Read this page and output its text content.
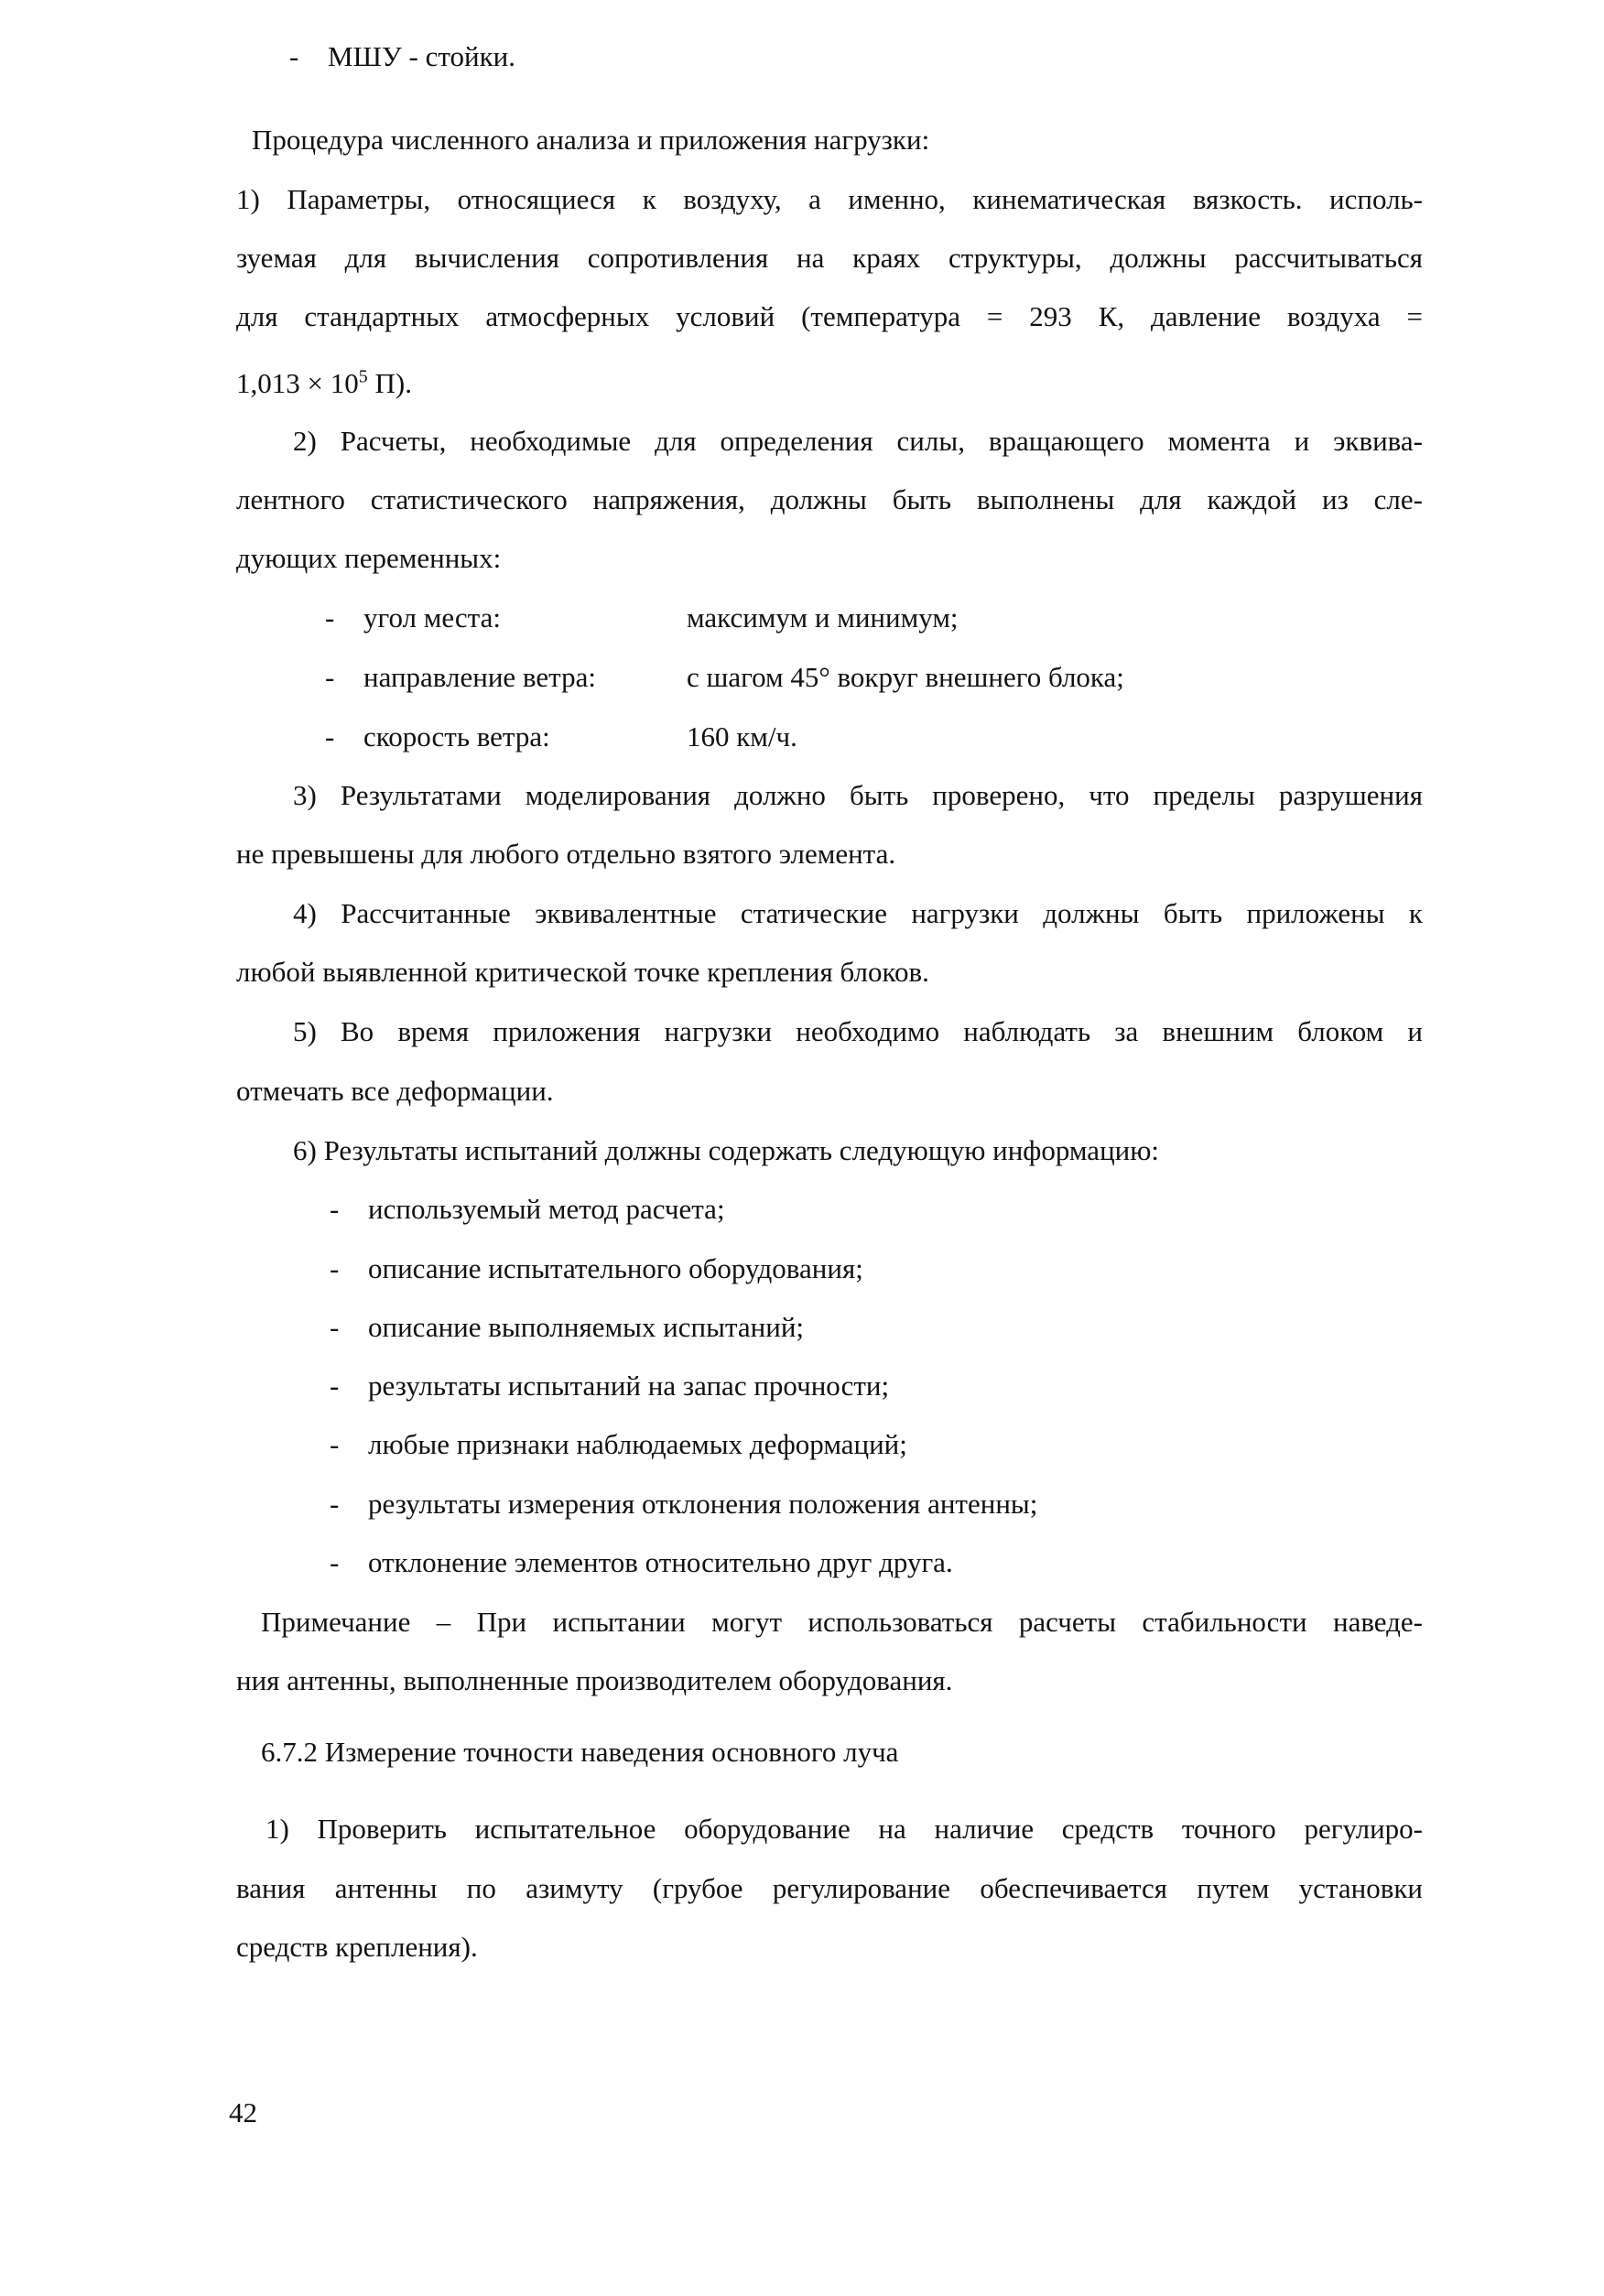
- МШУ - стойки.
Процедура численного анализа и приложения нагрузки:
1) Параметры, относящиеся к воздуху, а именно, кинематическая вязкость. исполь-
зуемая для вычисления сопротивления на краях структуры, должны рассчитываться
для стандартных атмосферных условий (температура = 293 К, давление воздуха =
$1,013 \times 10^5$ П).
2) Расчеты, необходимые для определения силы, вращающего момента и эквива-
лентного статистического напряжения, должны быть выполнены для каждой из сле-
дующих переменных:
- угол места:	максимум и минимум;
- направление ветра:	с шагом 45° вокруг внешнего блока;
- скорость ветра:	160 км/ч.
3) Результатами моделирования должно быть проверено, что пределы разрушения
не превышены для любого отдельно взятого элемента.
4) Рассчитанные эквивалентные статические нагрузки должны быть приложены к
любой выявленной критической точке крепления блоков.
5) Во время приложения нагрузки необходимо наблюдать за внешним блоком и
отмечать все деформации.
6) Результаты испытаний должны содержать следующую информацию:
- используемый метод расчета;
- описание испытательного оборудования;
- описание выполняемых испытаний;
- результаты испытаний на запас прочности;
- любые признаки наблюдаемых деформаций;
- результаты измерения отклонения положения антенны;
- отклонение элементов относительно друг друга.
Примечание – При испытании могут использоваться расчеты стабильности наведе-
ния антенны, выполненные производителем оборудования.
6.7.2 Измерение точности наведения основного луча
1) Проверить испытательное оборудование на наличие средств точного регулиро-
вания антенны по азимуту (грубое регулирование обеспечивается путем установки
средств крепления).
42
